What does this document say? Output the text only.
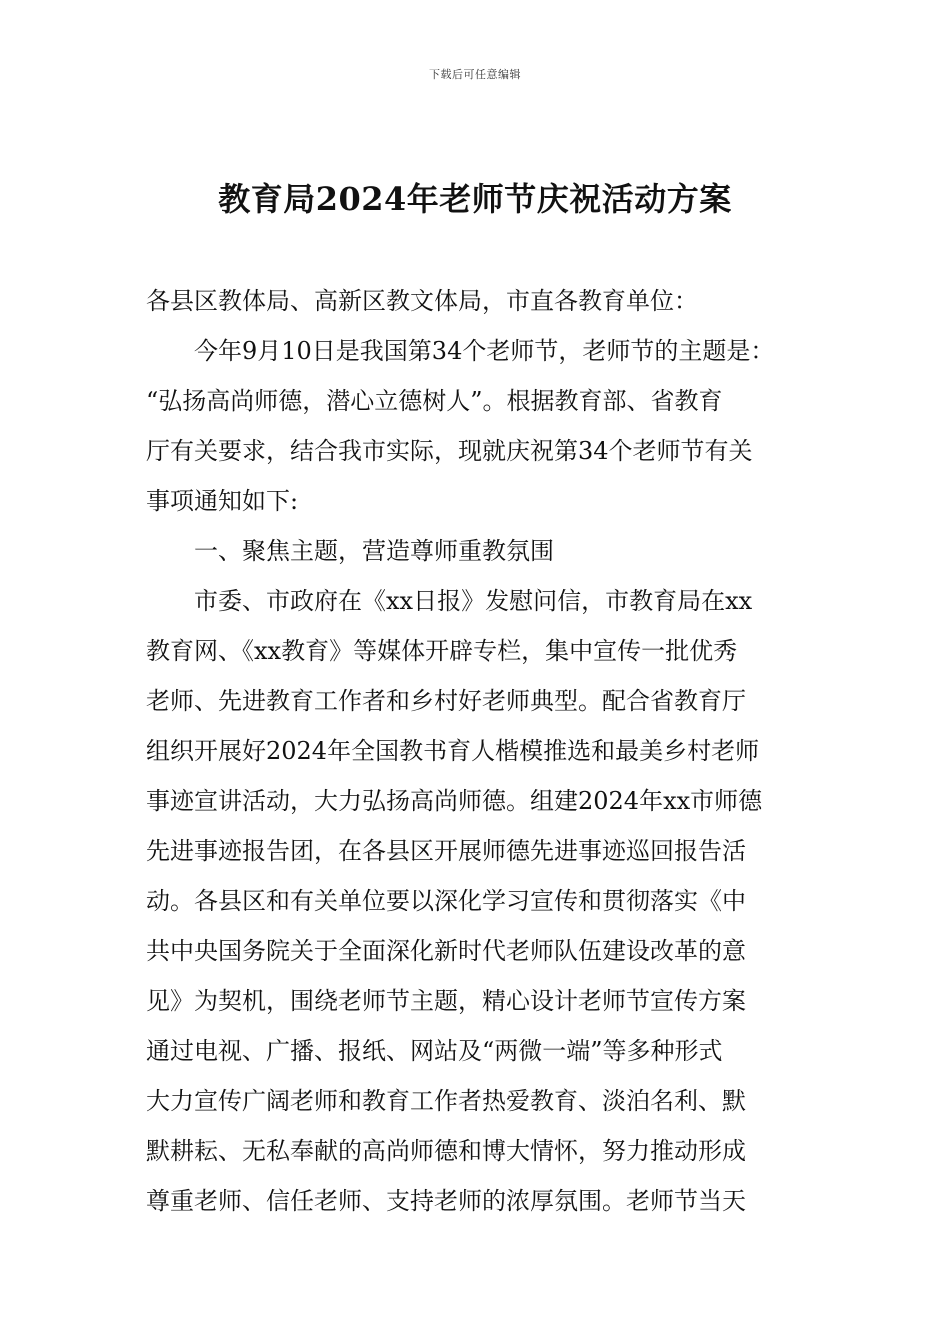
下载后可任意编辑
教育局2024年老师节庆祝活动方案
各县区教体局、高新区教文体局，市直各教育单位：
今年9月10日是我国第34个老师节，老师节的主题是：
“弘扬高尚师德，潜心立德树人”。根据教育部、省教育
厅有关要求，结合我市实际，现就庆祝第34个老师节有关
事项通知如下:
一、聚焦主题，营造尊师重教氛围
市委、市政府在《xx日报》发慰问信，市教育局在xx
教育网、《xx教育》等媒体开辟专栏，集中宣传一批优秀
老师、先进教育工作者和乡村好老师典型。配合省教育厅
组织开展好2024年全国教书育人楷模推选和最美乡村老师
事迹宣讲活动，大力弘扬高尚师德。组建2024年xx市师德
先进事迹报告团，在各县区开展师德先进事迹巡回报告活
动。各县区和有关单位要以深化学习宣传和贯彻落实《中
共中央国务院关于全面深化新时代老师队伍建设改革的意
见》为契机，围绕老师节主题，精心设计老师节宣传方案
通过电视、广播、报纸、网站及“两微一端”等多种形式
大力宣传广阔老师和教育工作者热爱教育、淡泊名利、默
默耕耘、无私奉献的高尚师德和博大情怀，努力推动形成
尊重老师、信任老师、支持老师的浓厚氛围。老师节当天
